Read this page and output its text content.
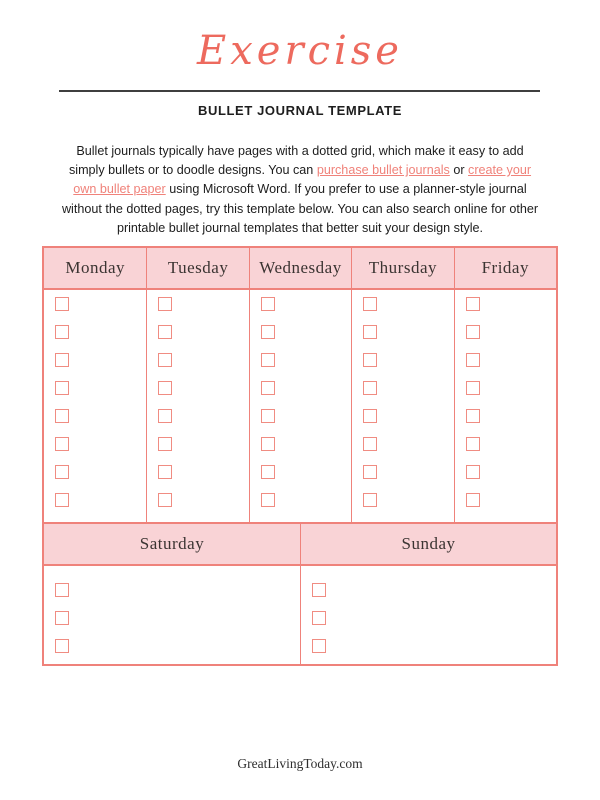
Exercise
BULLET JOURNAL TEMPLATE

Bullet journals typically have pages with a dotted grid, which make it easy to add simply bullets or to doodle designs. You can purchase bullet journals or create your own bullet paper using Microsoft Word. If you prefer to use a planner-style journal without the dotted pages, try this template below. You can also search online for other printable bullet journal templates that better suit your design style.

Monday	Tuesday	Wednesday	Thursday	Friday
Saturday	Sunday
GreatLivingToday.com
